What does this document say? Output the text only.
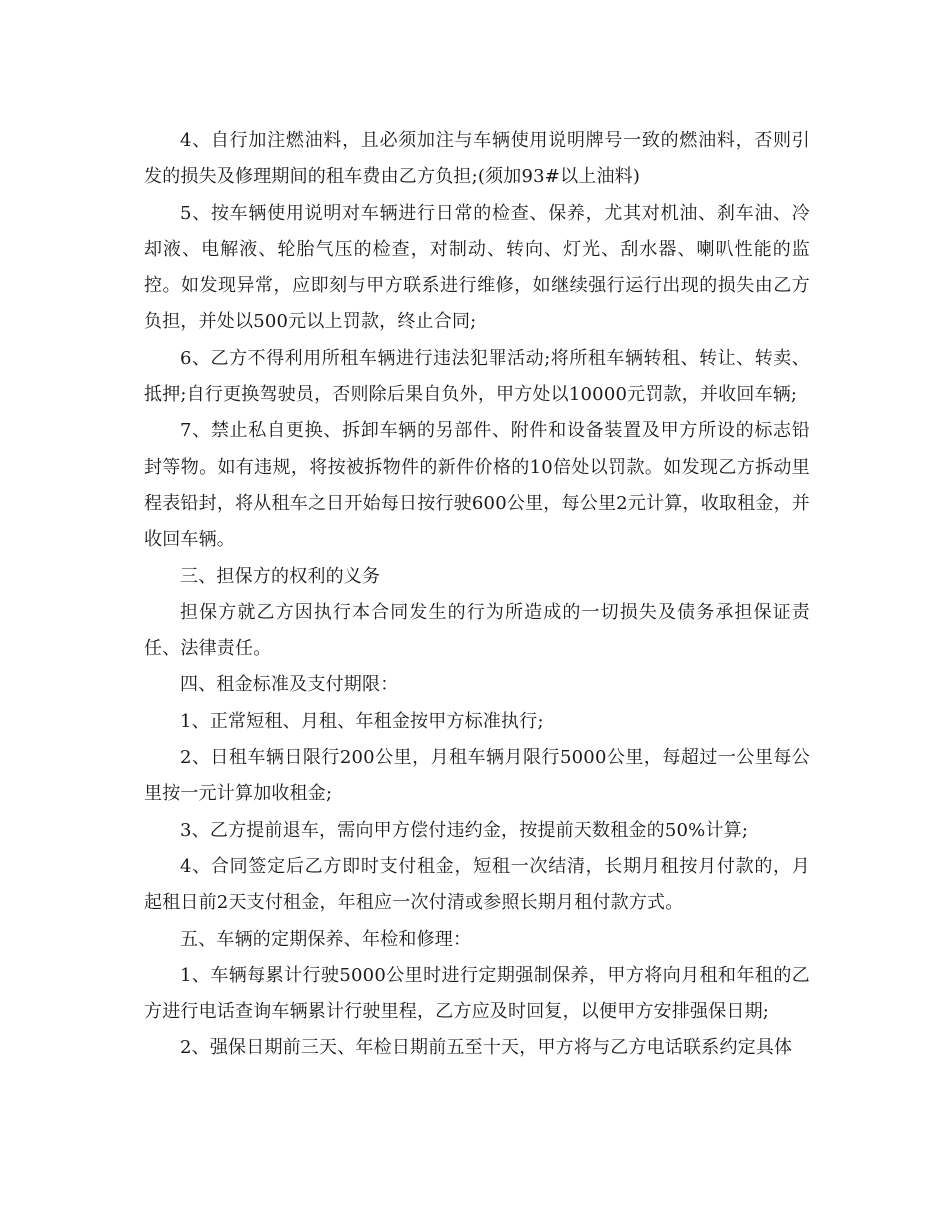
4、自行加注燃油料，且必须加注与车辆使用说明牌号一致的燃油料，否则引发的损失及修理期间的租车费由乙方负担;(须加93#以上油料)

5、按车辆使用说明对车辆进行日常的检查、保养，尤其对机油、刹车油、冷却液、电解液、轮胎气压的检查，对制动、转向、灯光、刮水器、喇叭性能的监控。如发现异常，应即刻与甲方联系进行维修，如继续强行运行出现的损失由乙方负担，并处以500元以上罚款，终止合同;

6、乙方不得利用所租车辆进行违法犯罪活动;将所租车辆转租、转让、转卖、抵押;自行更换驾驶员，否则除后果自负外，甲方处以10000元罚款，并收回车辆;

7、禁止私自更换、拆卸车辆的另部件、附件和设备装置及甲方所设的标志铅封等物。如有违规，将按被拆物件的新件价格的10倍处以罚款。如发现乙方拆动里程表铅封，将从租车之日开始每日按行驶600公里，每公里2元计算，收取租金，并收回车辆。

三、担保方的权利的义务

担保方就乙方因执行本合同发生的行为所造成的一切损失及债务承担保证责任、法律责任。

四、租金标准及支付期限：

1、正常短租、月租、年租金按甲方标准执行;

2、日租车辆日限行200公里，月租车辆月限行5000公里，每超过一公里每公里按一元计算加收租金;

3、乙方提前退车，需向甲方偿付违约金，按提前天数租金的50%计算;

4、合同签定后乙方即时支付租金，短租一次结清，长期月租按月付款的，月起租日前2天支付租金，年租应一次付清或参照长期月租付款方式。

五、车辆的定期保养、年检和修理：

1、车辆每累计行驶5000公里时进行定期强制保养，甲方将向月租和年租的乙方进行电话查询车辆累计行驶里程，乙方应及时回复，以便甲方安排强保日期;

2、强保日期前三天、年检日期前五至十天，甲方将与乙方电话联系约定具体
